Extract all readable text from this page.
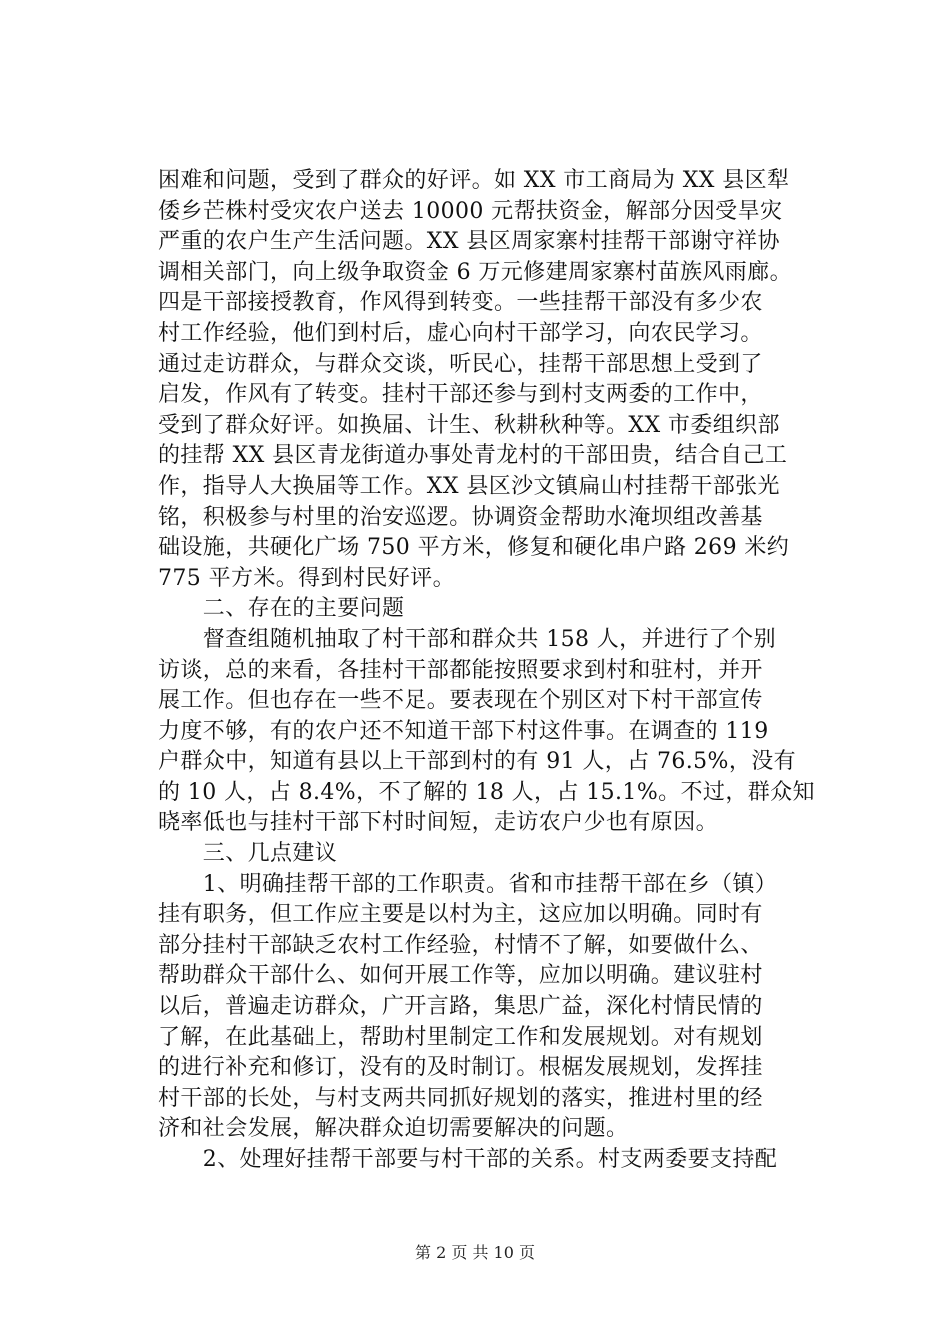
困难和问题，受到了群众的好评。如 XX 市工商局为 XX 县区犁
倭乡芒株村受灾农户送去 10000 元帮扶资金，解部分因受旱灾
严重的农户生产生活问题。XX 县区周家寨村挂帮干部谢守祥协
调相关部门，向上级争取资金 6 万元修建周家寨村苗族风雨廊。
四是干部接授教育，作风得到转变。一些挂帮干部没有多少农
村工作经验，他们到村后，虚心向村干部学习，向农民学习。
通过走访群众，与群众交谈，听民心，挂帮干部思想上受到了
启发，作风有了转变。挂村干部还参与到村支两委的工作中，
受到了群众好评。如换届、计生、秋耕秋种等。XX 市委组织部
的挂帮 XX 县区青龙街道办事处青龙村的干部田贵，结合自己工
作，指导人大换届等工作。XX 县区沙文镇扁山村挂帮干部张光
铭，积极参与村里的治安巡逻。协调资金帮助水淹坝组改善基
础设施，共硬化广场 750 平方米，修复和硬化串户路 269 米约
775 平方米。得到村民好评。
　　二、存在的主要问题
　　督查组随机抽取了村干部和群众共 158 人，并进行了个别
访谈，总的来看，各挂村干部都能按照要求到村和驻村，并开
展工作。但也存在一些不足。要表现在个别区对下村干部宣传
力度不够，有的农户还不知道干部下村这件事。在调查的 119
户群众中，知道有县以上干部到村的有 91 人，占 76.5%，没有
的 10 人，占 8.4%，不了解的 18 人，占 15.1%。不过，群众知
晓率低也与挂村干部下村时间短，走访农户少也有原因。
　　三、几点建议
　　1、明确挂帮干部的工作职责。省和市挂帮干部在乡（镇）
挂有职务，但工作应主要是以村为主，这应加以明确。同时有
部分挂村干部缺乏农村工作经验，村情不了解，如要做什么、
帮助群众干部什么、如何开展工作等，应加以明确。建议驻村
以后，普遍走访群众，广开言路，集思广益，深化村情民情的
了解，在此基础上，帮助村里制定工作和发展规划。对有规划
的进行补充和修订，没有的及时制订。根椐发展规划，发挥挂
村干部的长处，与村支两共同抓好规划的落实，推进村里的经
济和社会发展，解决群众迫切需要解决的问题。
　　2、处理好挂帮干部要与村干部的关系。村支两委要支持配
第 2 页 共 10 页
